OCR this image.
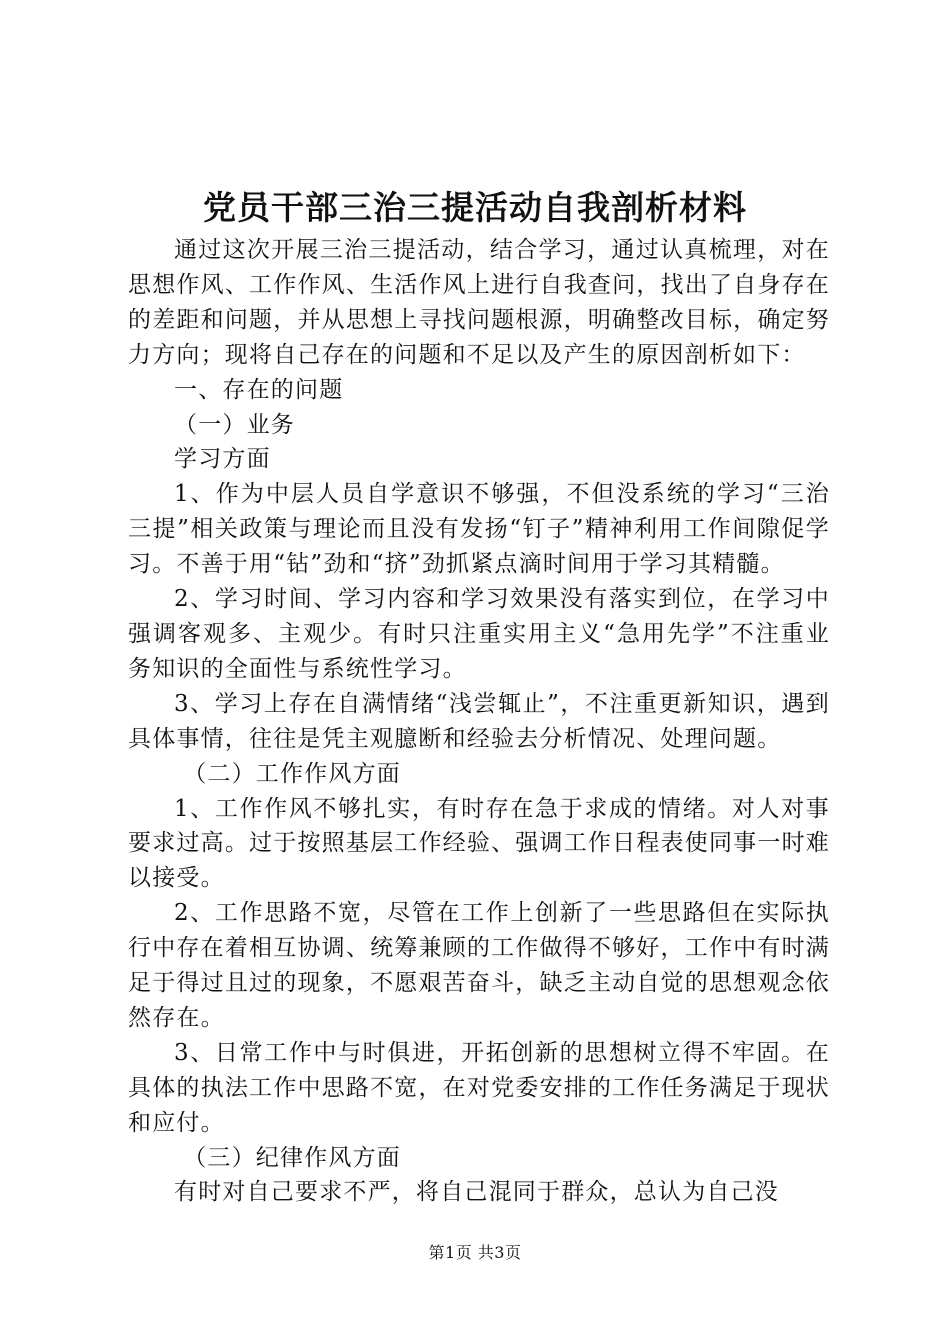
党员干部三治三提活动自我剖析材料

通过这次开展三治三提活动，结合学习，通过认真梳理，对在思想作风、工作作风、生活作风上进行自我查问，找出了自身存在的差距和问题，并从思想上寻找问题根源，明确整改目标，确定努力方向；现将自己存在的问题和不足以及产生的原因剖析如下：

一、存在的问题

（一）业务

学习方面

1、作为中层人员自学意识不够强，不但没系统的学习“三治三提”相关政策与理论而且没有发扬“钉子”精神利用工作间隙促学习。不善于用“钻”劲和“挤”劲抓紧点滴时间用于学习其精髓。

2、学习时间、学习内容和学习效果没有落实到位，在学习中强调客观多、主观少。有时只注重实用主义“急用先学”不注重业务知识的全面性与系统性学习。

3、学习上存在自满情绪“浅尝辄止”，不注重更新知识，遇到具体事情，往往是凭主观臆断和经验去分析情况、处理问题。

（二）工作作风方面

1、工作作风不够扎实，有时存在急于求成的情绪。对人对事要求过高。过于按照基层工作经验、强调工作日程表使同事一时难以接受。

2、工作思路不宽，尽管在工作上创新了一些思路但在实际执行中存在着相互协调、统筹兼顾的工作做得不够好，工作中有时满足于得过且过的现象，不愿艰苦奋斗，缺乏主动自觉的思想观念依然存在。

3、日常工作中与时俱进，开拓创新的思想树立得不牢固。在具体的执法工作中思路不宽，在对党委安排的工作任务满足于现状和应付。

（三）纪律作风方面

有时对自己要求不严，将自己混同于群众，总认为自己没

第1页 共3页
